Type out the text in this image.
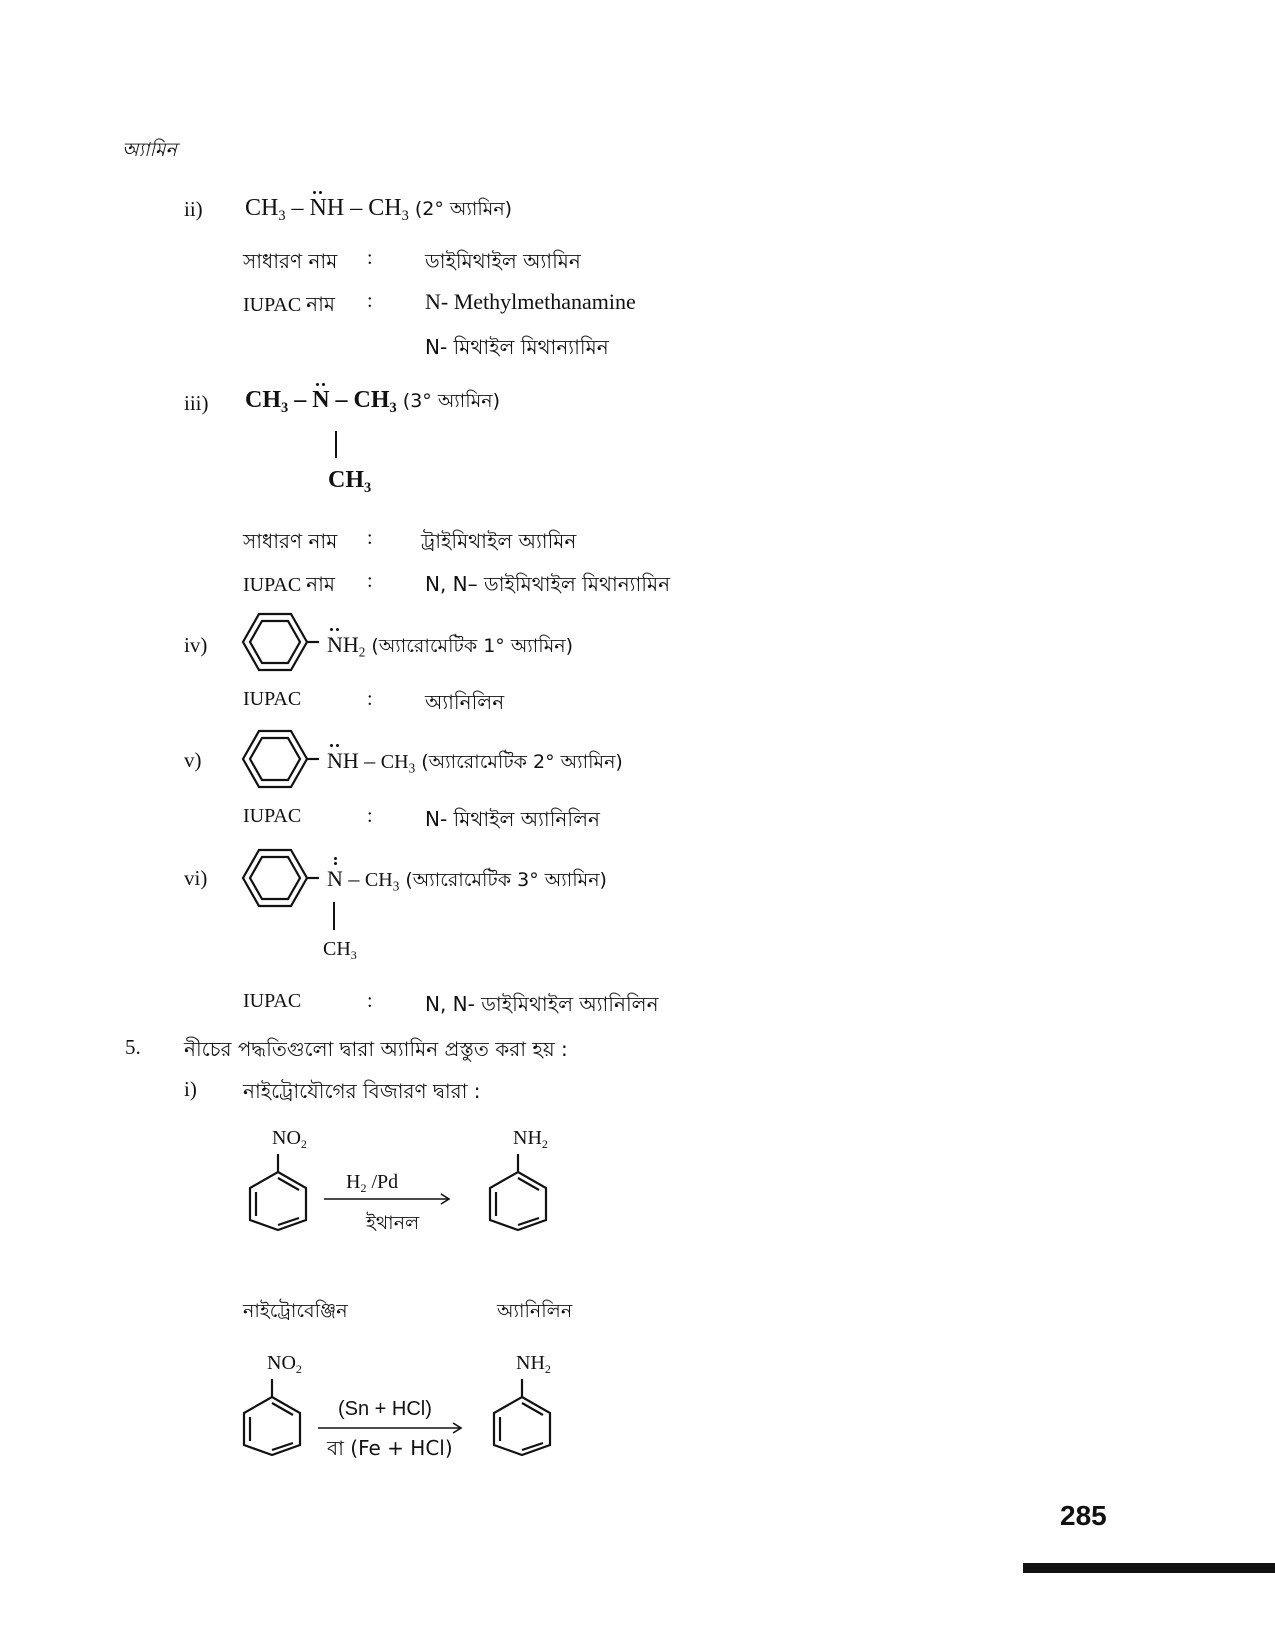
অ্যামিন
ii) $CH_3$ – NH – $CH_3$ (2° অ্যামিন)
সাধারণ নাম :	ডাইমিথাইল অ্যামিন
IUPAC নাম : N- Methylmethanamine
N- মিথাইল মিথান্যামিন
iii) $CH_3$ – N – $CH_3$ (3° অ্যামিন)
$CH_3$
সাধারণ নাম : ট্রাইমিথাইল অ্যামিন
IUPAC নাম :	N, N– ডাইমিথাইল মিথান্যামিন
iv)	$NH_2$ (অ্যারোমেটিক 1° অ্যামিন)
IUPAC	:	অ্যানিলিন
v)	NH – $CH_3$ (অ্যারোমেটিক 2° অ্যামিন)
IUPAC	:	N- মিথাইল অ্যানিলিন
vi)	N – $CH_3$ (অ্যারোমেটিক 3° অ্যামিন)
$CH_3$
IUPAC	:	N, N- ডাইমিথাইল অ্যানিলিন
5. নীচের পদ্ধতিগুলো দ্বারা অ্যামিন প্রস্তুত করা হয় :
i) নাইট্রোযৌগের বিজারণ দ্বারা :
$NO_2$
$H_2$ /Pd
ইথানল
$NH_2$
নাইট্রোবেঞ্জিন	অ্যানিলিন
$NO_2$
(Sn + HCl)
বা (Fe + HCl)
$NH_2$
285
